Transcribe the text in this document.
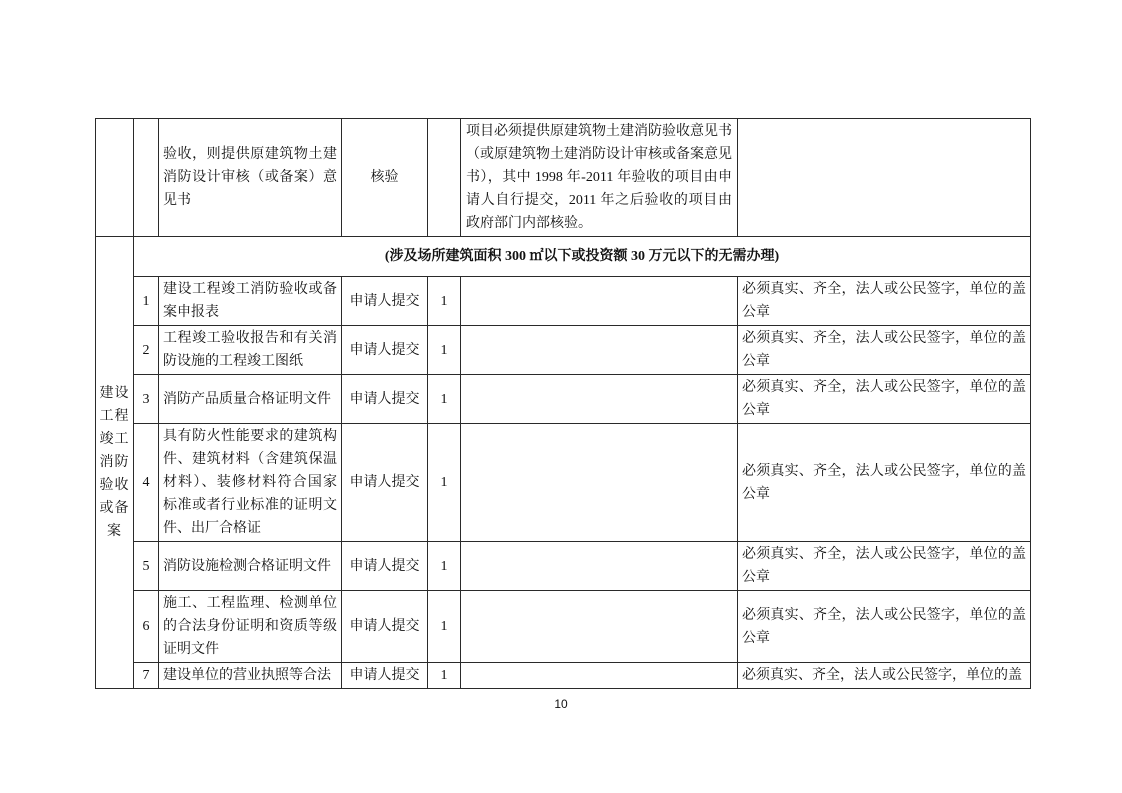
		验收，则提供原建筑物土建消防设计审核（或备案）意见书	核验		项目必须提供原建筑物土建消防验收意见书（或原建筑物土建消防设计审核或备案意见书），其中 1998 年-2011 年验收的项目由申请人自行提交，2011 年之后验收的项目由政府部门内部核验。	
建设工程竣工消防验收或备案	(涉及场所建筑面积 300 ㎡以下或投资额 30 万元以下的无需办理)					
	1	建设工程竣工消防验收或备案申报表	申请人提交	1		必须真实、齐全，法人或公民签字，单位的盖公章
	2	工程竣工验收报告和有关消防设施的工程竣工图纸	申请人提交	1		必须真实、齐全，法人或公民签字，单位的盖公章
	3	消防产品质量合格证明文件	申请人提交	1		必须真实、齐全，法人或公民签字，单位的盖公章
	4	具有防火性能要求的建筑构件、建筑材料（含建筑保温材料）、装修材料符合国家标准或者行业标准的证明文件、出厂合格证	申请人提交	1		必须真实、齐全，法人或公民签字，单位的盖公章
	5	消防设施检测合格证明文件	申请人提交	1		必须真实、齐全，法人或公民签字，单位的盖公章
	6	施工、工程监理、检测单位的合法身份证明和资质等级证明文件	申请人提交	1		必须真实、齐全，法人或公民签字，单位的盖公章
	7	建设单位的营业执照等合法	申请人提交	1		必须真实、齐全，法人或公民签字，单位的盖
10
